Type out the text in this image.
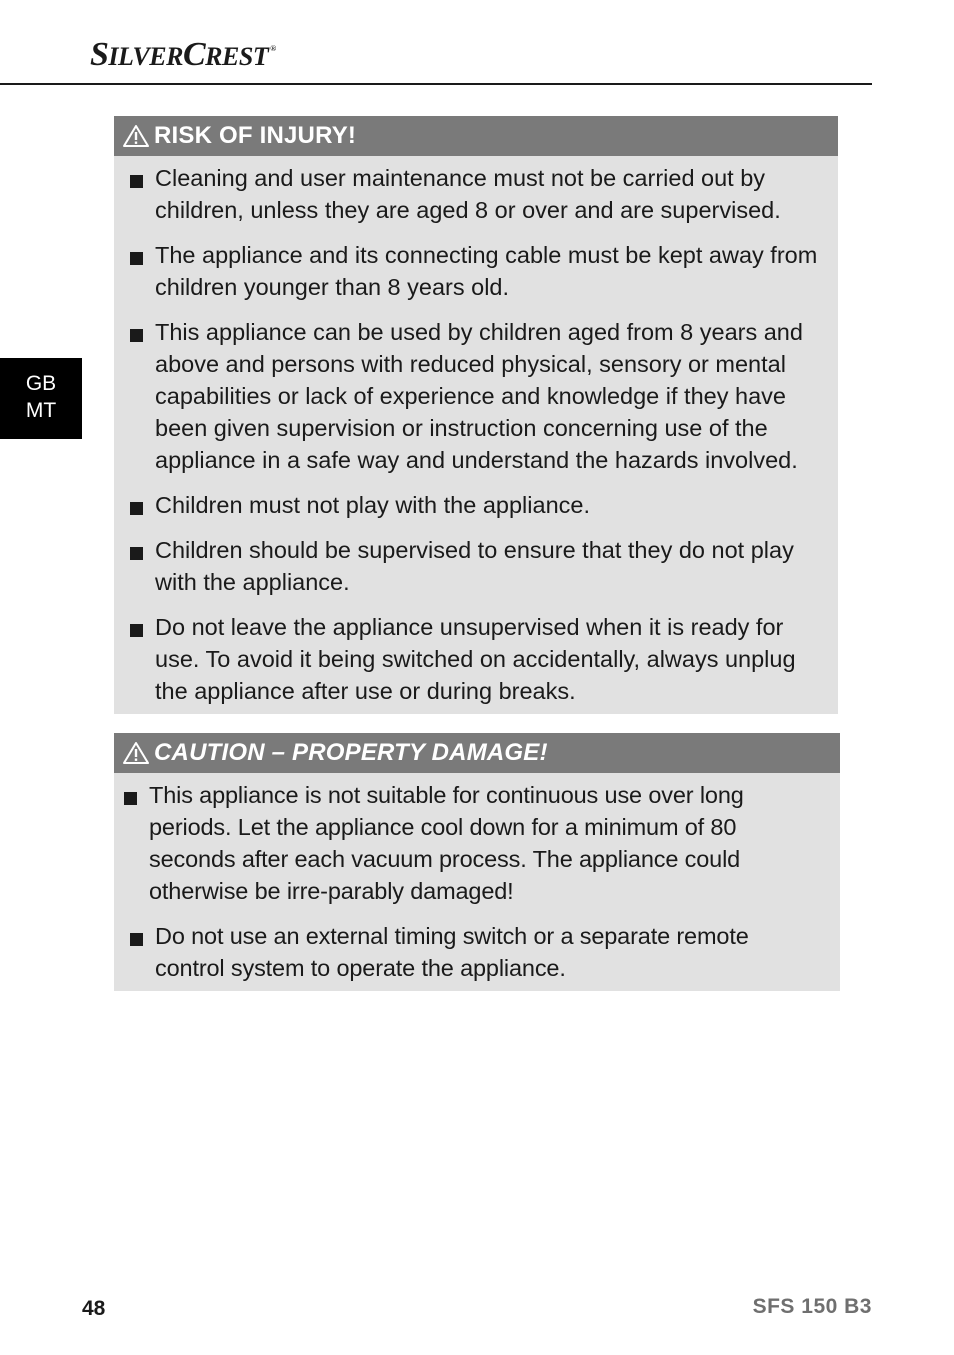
SILVERCREST ®
GB
MT
RISK OF INJURY!
Cleaning and user maintenance must not be carried out by children, unless they are aged 8 or over and are supervised.
The appliance and its connecting cable must be kept away from children younger than 8 years old.
This appliance can be used by children aged from 8 years and above and persons with reduced physical, sensory or mental capabilities or lack of experience and knowledge if they have been given supervision or instruction concerning use of the appliance in a safe way and understand the hazards involved.
Children must not play with the appliance.
Children should be supervised to ensure that they do not play with the appliance.
Do not leave the appliance unsupervised when it is ready for use. To avoid it being switched on accidentally, always unplug the appliance after use or during breaks.
CAUTION – PROPERTY DAMAGE!
This appliance is not suitable for continuous use over long periods. Let the appliance cool down for a minimum of 80 seconds after each vacuum process. The appliance could otherwise be irre-parably damaged!
Do not use an external timing switch or a separate remote control system to operate the appliance.
48	SFS 150 B3
